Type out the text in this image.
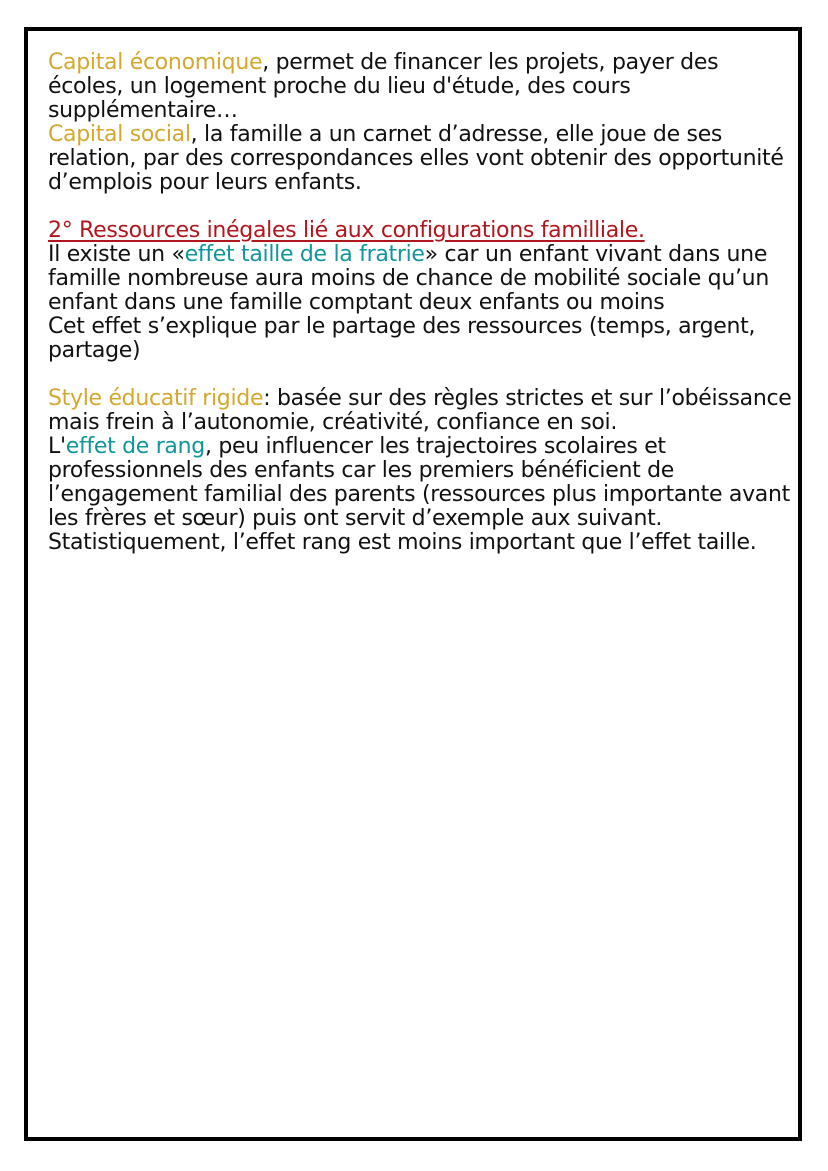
Capital économique, permet de financer les projets, payer des écoles, un logement proche du lieu d'étude, des cours supplémentaire…

Capital social, la famille a un carnet d’adresse, elle joue de ses relation, par des correspondances elles vont obtenir des opportunité d’emplois pour leurs enfants.

2° Ressources inégales lié aux configurations familliale.

Il existe un «effet taille de la fratrie» car un enfant vivant dans une famille nombreuse aura moins de chance de mobilité sociale qu’un enfant dans une famille comptant deux enfants ou moins

Cet effet s’explique par le partage des ressources (temps, argent, partage)

Style éducatif rigide: basée sur des règles strictes et sur l’obéissance mais frein à l’autonomie, créativité, confiance en soi.

L'effet de rang, peu influencer les trajectoires scolaires et professionnels des enfants car les premiers bénéficient de l’engagement familial des parents (ressources plus importante avant les frères et sœur) puis ont servit d’exemple aux suivant.

Statistiquement, l’effet rang est moins important que l’effet taille.
